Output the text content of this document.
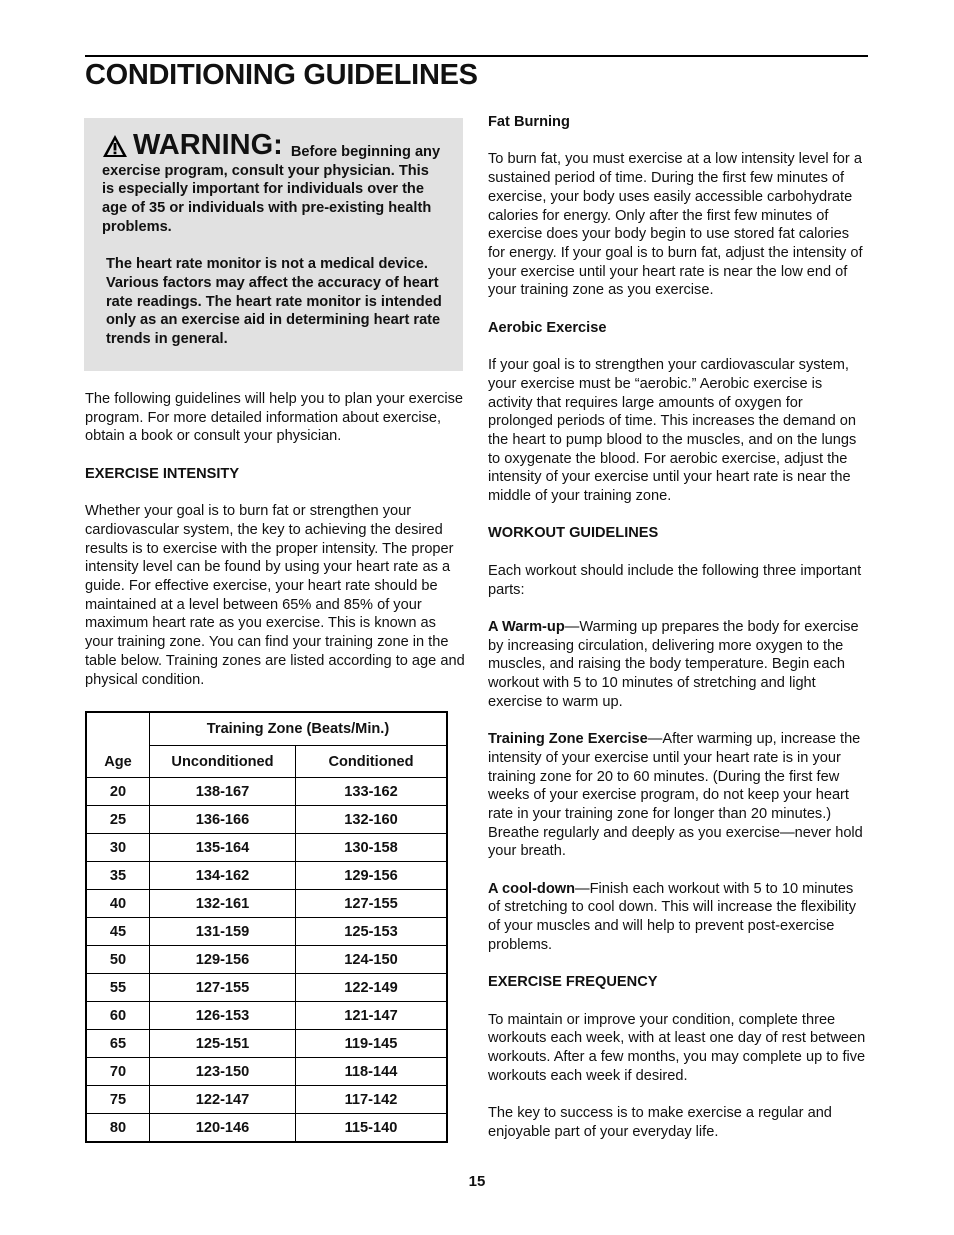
CONDITIONING GUIDELINES

WARNING: Before beginning any exercise program, consult your physician. This is especially important for individuals over the age of 35 or individuals with pre-existing health problems.

The heart rate monitor is not a medical device. Various factors may affect the accuracy of heart rate readings. The heart rate monitor is intended only as an exercise aid in determining heart rate trends in general.

The following guidelines will help you to plan your exercise program. For more detailed information about exercise, obtain a book or consult your physician.

EXERCISE INTENSITY

Whether your goal is to burn fat or strengthen your cardiovascular system, the key to achieving the desired results is to exercise with the proper intensity. The proper intensity level can be found by using your heart rate as a guide. For effective exercise, your heart rate should be maintained at a level between 65% and 85% of your maximum heart rate as you exercise. This is known as your training zone. You can find your training zone in the table below. Training zones are listed according to age and physical condition.

Age	Training Zone (Beats/Min.)	
	Unconditioned	Conditioned
20	138-167	133-162
25	136-166	132-160
30	135-164	130-158
35	134-162	129-156
40	132-161	127-155
45	131-159	125-153
50	129-156	124-150
55	127-155	122-149
60	126-153	121-147
65	125-151	119-145
70	123-150	118-144
75	122-147	117-142
80	120-146	115-140
Fat Burning

To burn fat, you must exercise at a low intensity level for a sustained period of time. During the first few minutes of exercise, your body uses easily accessible carbohydrate calories for energy. Only after the first few minutes of exercise does your body begin to use stored fat calories for energy. If your goal is to burn fat, adjust the intensity of your exercise until your heart rate is near the low end of your training zone as you exercise.

Aerobic Exercise

If your goal is to strengthen your cardiovascular system, your exercise must be “aerobic.” Aerobic exercise is activity that requires large amounts of oxygen for prolonged periods of time. This increases the demand on the heart to pump blood to the muscles, and on the lungs to oxygenate the blood. For aerobic exercise, adjust the intensity of your exercise until your heart rate is near the middle of your training zone.

WORKOUT GUIDELINES

Each workout should include the following three important parts:

A Warm-up—Warming up prepares the body for exercise by increasing circulation, delivering more oxygen to the muscles, and raising the body temperature. Begin each workout with 5 to 10 minutes of stretching and light exercise to warm up.

Training Zone Exercise—After warming up, increase the intensity of your exercise until your heart rate is in your training zone for 20 to 60 minutes. (During the first few weeks of your exercise program, do not keep your heart rate in your training zone for longer than 20 minutes.) Breathe regularly and deeply as you exercise—never hold your breath.

A cool-down—Finish each workout with 5 to 10 minutes of stretching to cool down. This will increase the flexibility of your muscles and will help to prevent post-exercise problems.

EXERCISE FREQUENCY

To maintain or improve your condition, complete three workouts each week, with at least one day of rest between workouts. After a few months, you may complete up to five workouts each week if desired.

The key to success is to make exercise a regular and enjoyable part of your everyday life.

15
